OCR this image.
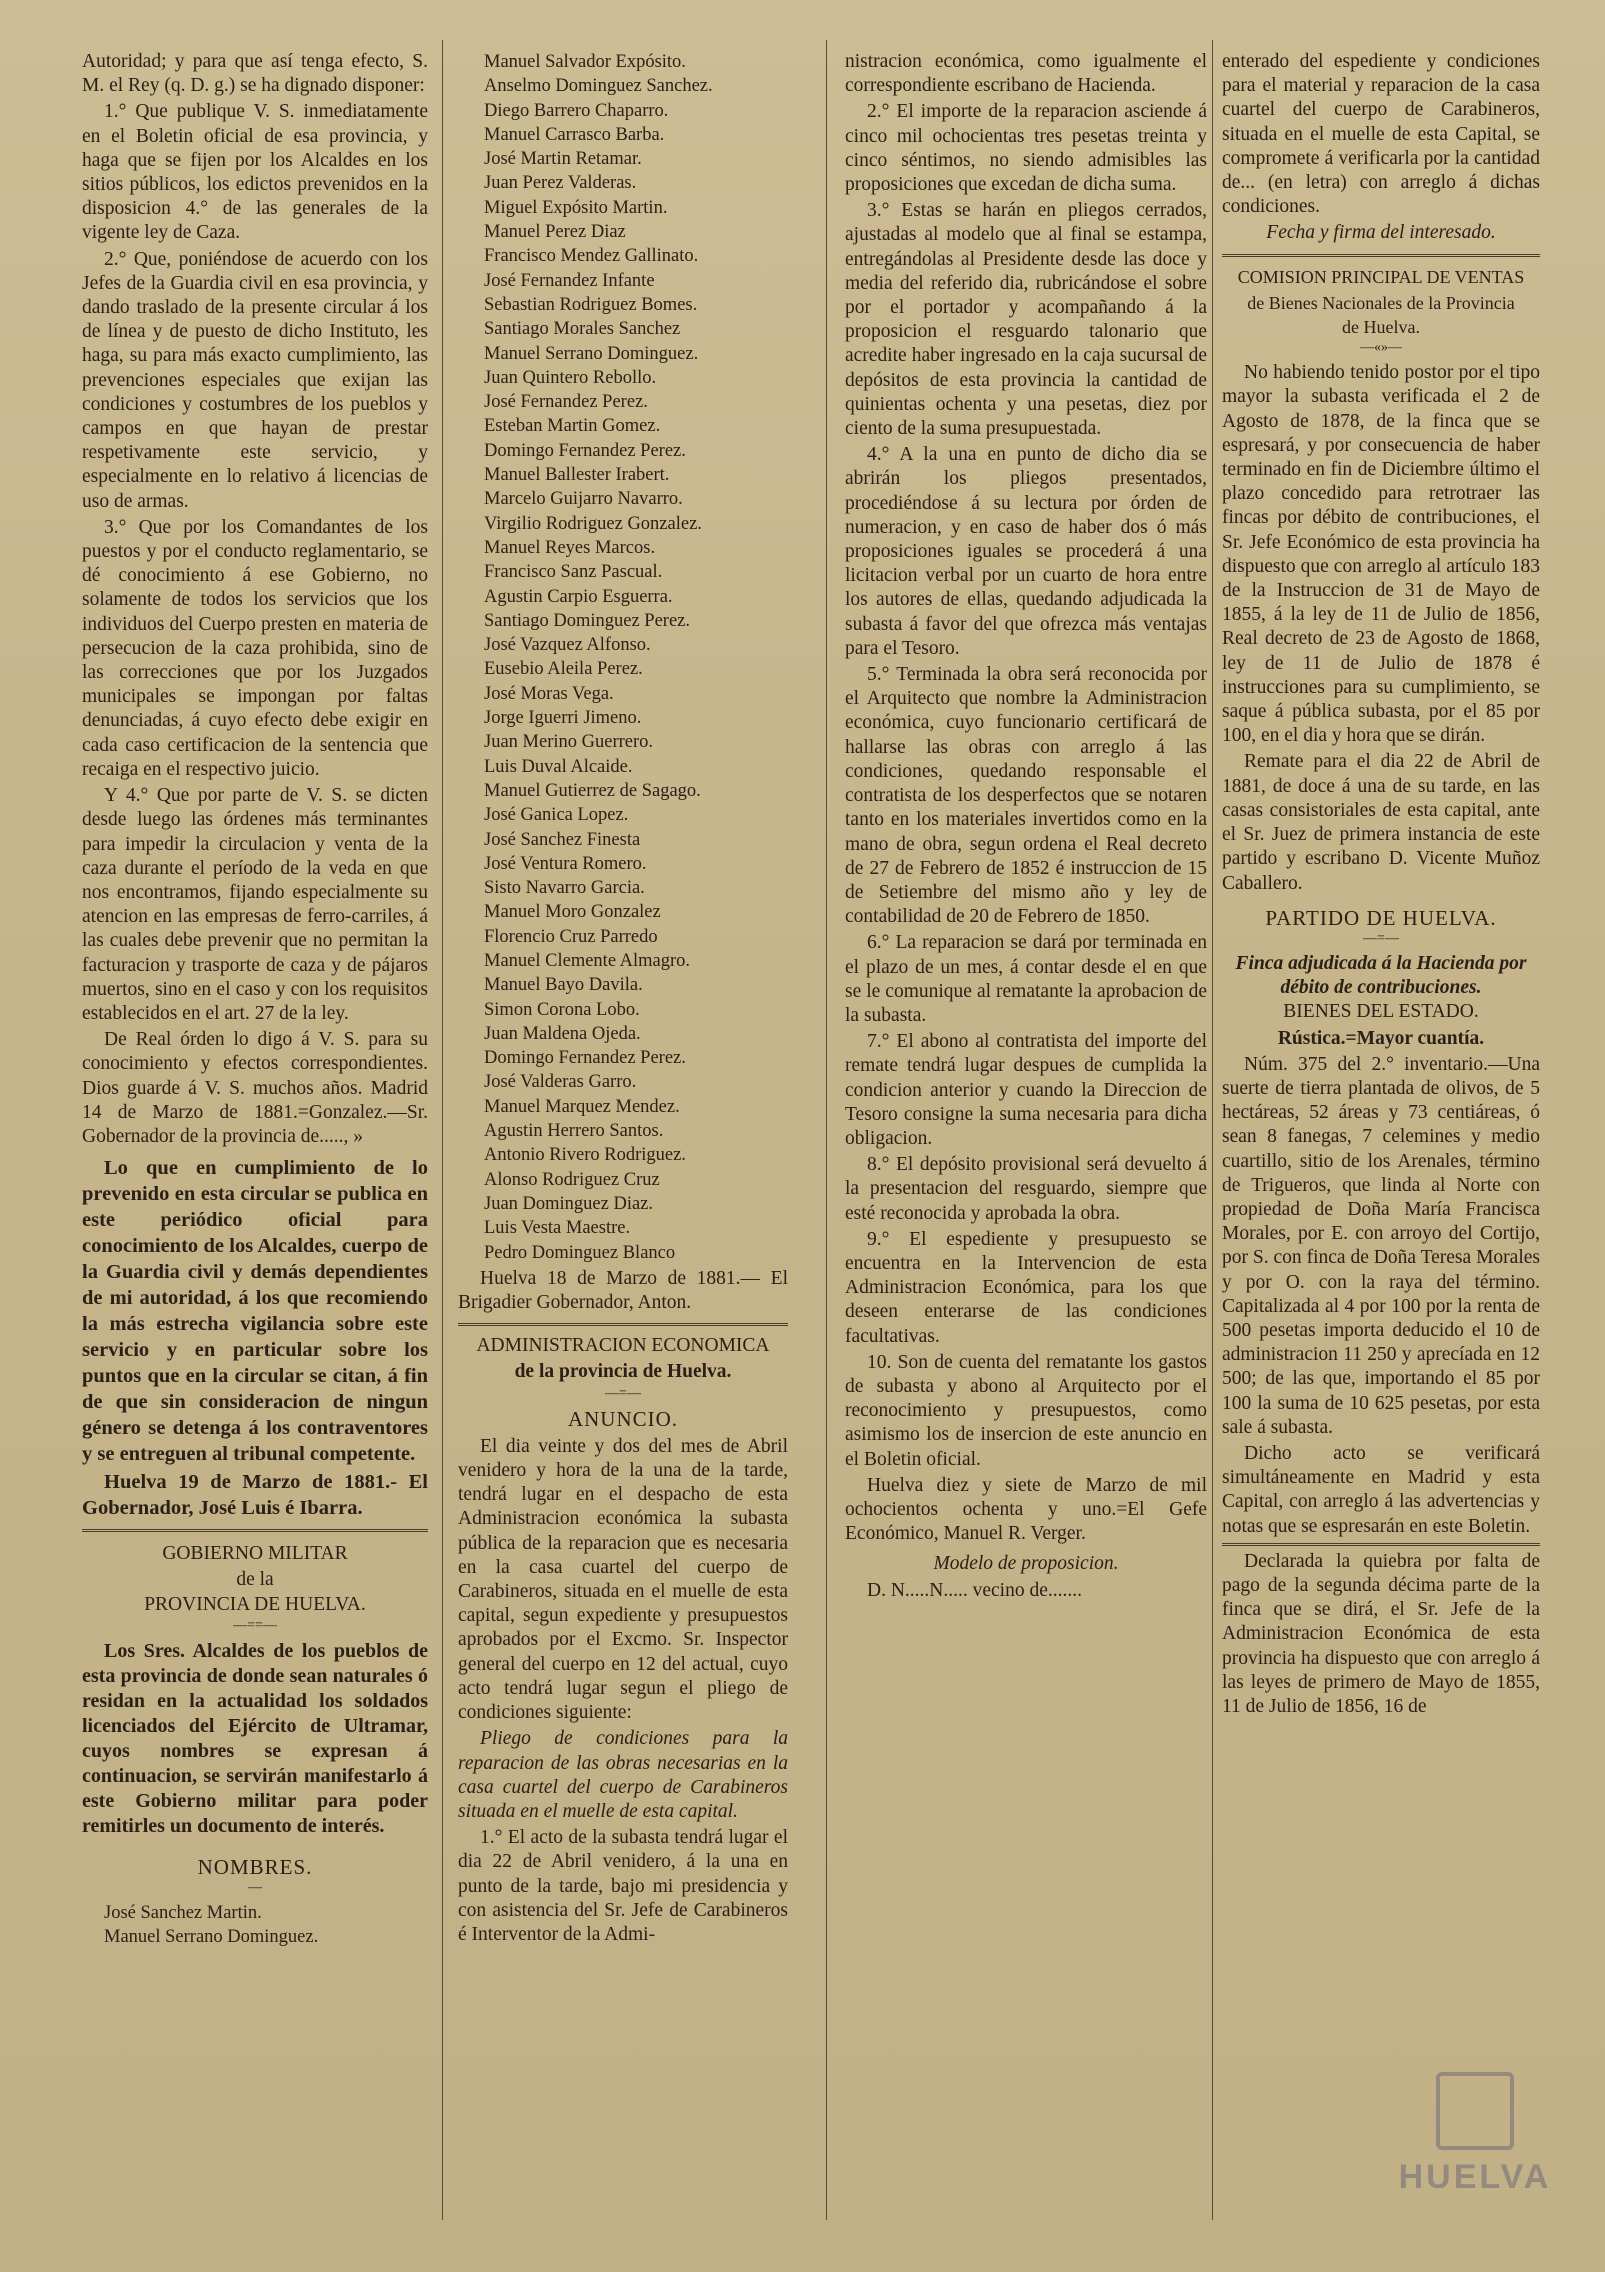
Autoridad; y para que así tenga efecto, S. M. el Rey (q. D. g.) se ha dignado disponer:

1.° Que publique V. S. inmediatamente en el Boletin oficial de esa provincia, y haga que se fijen por los Alcaldes en los sitios públicos, los edictos prevenidos en la disposicion 4.° de las generales de la vigente ley de Caza.

2.° Que, poniéndose de acuerdo con los Jefes de la Guardia civil en esa provincia, y dando traslado de la presente circular á los de línea y de puesto de dicho Instituto, les haga, su para más exacto cumplimiento, las prevenciones especiales que exijan las condiciones y costumbres de los pueblos y campos en que hayan de prestar respetivamente este servicio, y especialmente en lo relativo á licencias de uso de armas.

3.° Que por los Comandantes de los puestos y por el conducto reglamentario, se dé conocimiento á ese Gobierno, no solamente de todos los servicios que los individuos del Cuerpo presten en materia de persecucion de la caza prohibida, sino de las correcciones que por los Juzgados municipales se impongan por faltas denunciadas, á cuyo efecto debe exigir en cada caso certificacion de la sentencia que recaiga en el respectivo juicio.

Y 4.° Que por parte de V. S. se dicten desde luego las órdenes más terminantes para impedir la circulacion y venta de la caza durante el período de la veda en que nos encontramos, fijando especialmente su atencion en las empresas de ferro-carriles, á las cuales debe prevenir que no permitan la facturacion y trasporte de caza y de pájaros muertos, sino en el caso y con los requisitos establecidos en el art. 27 de la ley.

De Real órden lo digo á V. S. para su conocimiento y efectos correspondientes. Dios guarde á V. S. muchos años. Madrid 14 de Marzo de 1881.=Gonzalez.—Sr. Gobernador de la provincia de....., »

Lo que en cumplimiento de lo prevenido en esta circular se publica en este periódico oficial para conocimiento de los Alcaldes, cuerpo de la Guardia civil y demás dependientes de mi autoridad, á los que recomiendo la más estrecha vigilancia sobre este servicio y en particular sobre los puntos que en la circular se citan, á fin de que sin consideracion de ningun género se detenga á los contraventores y se entreguen al tribunal competente.

Huelva 19 de Marzo de 1881.- El Gobernador, José Luis é Ibarra.

GOBIERNO MILITAR

de la

PROVINCIA DE HUELVA.

—==—

Los Sres. Alcaldes de los pueblos de esta provincia de donde sean naturales ó residan en la actualidad los soldados licenciados del Ejército de Ultramar, cuyos nombres se expresan á continuacion, se servirán manifestarlo á este Gobierno militar para poder remitirles un documento de interés.

NOMBRES.

—
José Sanchez Martin.
Manuel Serrano Dominguez.
Manuel Salvador Expósito.
Anselmo Dominguez Sanchez.
Diego Barrero Chaparro.
Manuel Carrasco Barba.
José Martin Retamar.
Juan Perez Valderas.
Miguel Expósito Martin.
Manuel Perez Diaz
Francisco Mendez Gallinato.
José Fernandez Infante
Sebastian Rodriguez Bomes.
Santiago Morales Sanchez
Manuel Serrano Dominguez.
Juan Quintero Rebollo.
José Fernandez Perez.
Esteban Martin Gomez.
Domingo Fernandez Perez.
Manuel Ballester Irabert.
Marcelo Guijarro Navarro.
Virgilio Rodriguez Gonzalez.
Manuel Reyes Marcos.
Francisco Sanz Pascual.
Agustin Carpio Esguerra.
Santiago Dominguez Perez.
José Vazquez Alfonso.
Eusebio Aleila Perez.
José Moras Vega.
Jorge Iguerri Jimeno.
Juan Merino Guerrero.
Luis Duval Alcaide.
Manuel Gutierrez de Sagago.
José Ganica Lopez.
José Sanchez Finesta
José Ventura Romero.
Sisto Navarro Garcia.
Manuel Moro Gonzalez
Florencio Cruz Parredo
Manuel Clemente Almagro.
Manuel Bayo Davila.
Simon Corona Lobo.
Juan Maldena Ojeda.
Domingo Fernandez Perez.
José Valderas Garro.
Manuel Marquez Mendez.
Agustin Herrero Santos.
Antonio Rivero Rodriguez.
Alonso Rodriguez Cruz
Juan Dominguez Diaz.
Luis Vesta Maestre.
Pedro Dominguez Blanco

Huelva 18 de Marzo de 1881.— El Brigadier Gobernador, Anton.

ADMINISTRACION ECONOMICA

de la provincia de Huelva.

—=—

ANUNCIO.

El dia veinte y dos del mes de Abril venidero y hora de la una de la tarde, tendrá lugar en el despacho de esta Administracion económica la subasta pública de la reparacion que es necesaria en la casa cuartel del cuerpo de Carabineros, situada en el muelle de esta capital, segun expediente y presupuestos aprobados por el Excmo. Sr. Inspector general del cuerpo en 12 del actual, cuyo acto tendrá lugar segun el pliego de condiciones siguiente:

Pliego de condiciones para la reparacion de las obras necesarias en la casa cuartel del cuerpo de Carabineros situada en el muelle de esta capital.

1.° El acto de la subasta tendrá lugar el dia 22 de Abril venidero, á la una en punto de la tarde, bajo mi presidencia y con asistencia del Sr. Jefe de Carabineros é Interventor de la Admi-

nistracion económica, como igualmente el correspondiente escribano de Hacienda.

2.° El importe de la reparacion asciende á cinco mil ochocientas tres pesetas treinta y cinco séntimos, no siendo admisibles las proposiciones que excedan de dicha suma.

3.° Estas se harán en pliegos cerrados, ajustadas al modelo que al final se estampa, entregándolas al Presidente desde las doce y media del referido dia, rubricándose el sobre por el portador y acompañando á la proposicion el resguardo talonario que acredite haber ingresado en la caja sucursal de depósitos de esta provincia la cantidad de quinientas ochenta y una pesetas, diez por ciento de la suma presupuestada.

4.° A la una en punto de dicho dia se abrirán los pliegos presentados, procediéndose á su lectura por órden de numeracion, y en caso de haber dos ó más proposiciones iguales se procederá á una licitacion verbal por un cuarto de hora entre los autores de ellas, quedando adjudicada la subasta á favor del que ofrezca más ventajas para el Tesoro.

5.° Terminada la obra será reconocida por el Arquitecto que nombre la Administracion económica, cuyo funcionario certificará de hallarse las obras con arreglo á las condiciones, quedando responsable el contratista de los desperfectos que se notaren tanto en los materiales invertidos como en la mano de obra, segun ordena el Real decreto de 27 de Febrero de 1852 é instruccion de 15 de Setiembre del mismo año y ley de contabilidad de 20 de Febrero de 1850.

6.° La reparacion se dará por terminada en el plazo de un mes, á contar desde el en que se le comunique al rematante la aprobacion de la subasta.

7.° El abono al contratista del importe del remate tendrá lugar despues de cumplida la condicion anterior y cuando la Direccion de Tesoro consigne la suma necesaria para dicha obligacion.

8.° El depósito provisional será devuelto á la presentacion del resguardo, siempre que esté reconocida y aprobada la obra.

9.° El espediente y presupuesto se encuentra en la Intervencion de esta Administracion Económica, para los que deseen enterarse de las condiciones facultativas.

10. Son de cuenta del rematante los gastos de subasta y abono al Arquitecto por el reconocimiento y presupuestos, como asimismo los de insercion de este anuncio en el Boletin oficial.

Huelva diez y siete de Marzo de mil ochocientos ochenta y uno.=El Gefe Económico, Manuel R. Verger.

Modelo de proposicion.

D. N.....N..... vecino de.......

enterado del espediente y condiciones para el material y reparacion de la casa cuartel del cuerpo de Carabineros, situada en el muelle de esta Capital, se compromete á verificarla por la cantidad de... (en letra) con arreglo á dichas condiciones.

Fecha y firma del interesado.

COMISION PRINCIPAL DE VENTAS

de Bienes Nacionales de la Provincia de Huelva.

—«»—

No habiendo tenido postor por el tipo mayor la subasta verificada el 2 de Agosto de 1878, de la finca que se espresará, y por consecuencia de haber terminado en fin de Diciembre último el plazo concedido para retrotraer las fincas por débito de contribuciones, el Sr. Jefe Económico de esta provincia ha dispuesto que con arreglo al artículo 183 de la Instruccion de 31 de Mayo de 1855, á la ley de 11 de Julio de 1856, Real decreto de 23 de Agosto de 1868, ley de 11 de Julio de 1878 é instrucciones para su cumplimiento, se saque á pública subasta, por el 85 por 100, en el dia y hora que se dirán.

Remate para el dia 22 de Abril de 1881, de doce á una de su tarde, en las casas consistoriales de esta capital, ante el Sr. Juez de primera instancia de este partido y escribano D. Vicente Muñoz Caballero.

PARTIDO DE HUELVA.

—=—

Finca adjudicada á la Hacienda por débito de contribuciones.

BIENES DEL ESTADO.

Rústica.=Mayor cuantía.

Núm. 375 del 2.° inventario.—Una suerte de tierra plantada de olivos, de 5 hectáreas, 52 áreas y 73 centiáreas, ó sean 8 fanegas, 7 celemines y medio cuartillo, sitio de los Arenales, término de Trigueros, que linda al Norte con propiedad de Doña María Francisca Morales, por E. con arroyo del Cortijo, por S. con finca de Doña Teresa Morales y por O. con la raya del término. Capitalizada al 4 por 100 por la renta de 500 pesetas importa deducido el 10 de administracion 11 250 y aprecíada en 12 500; de las que, importando el 85 por 100 la suma de 10 625 pesetas, por esta sale á subasta.

Dicho acto se verificará simultáneamente en Madrid y esta Capital, con arreglo á las advertencias y notas que se espresarán en este Boletin.

Declarada la quiebra por falta de pago de la segunda décima parte de la finca que se dirá, el Sr. Jefe de la Administracion Económica de esta provincia ha dispuesto que con arreglo á las leyes de primero de Mayo de 1855, 11 de Julio de 1856, 16 de

HUELVA
